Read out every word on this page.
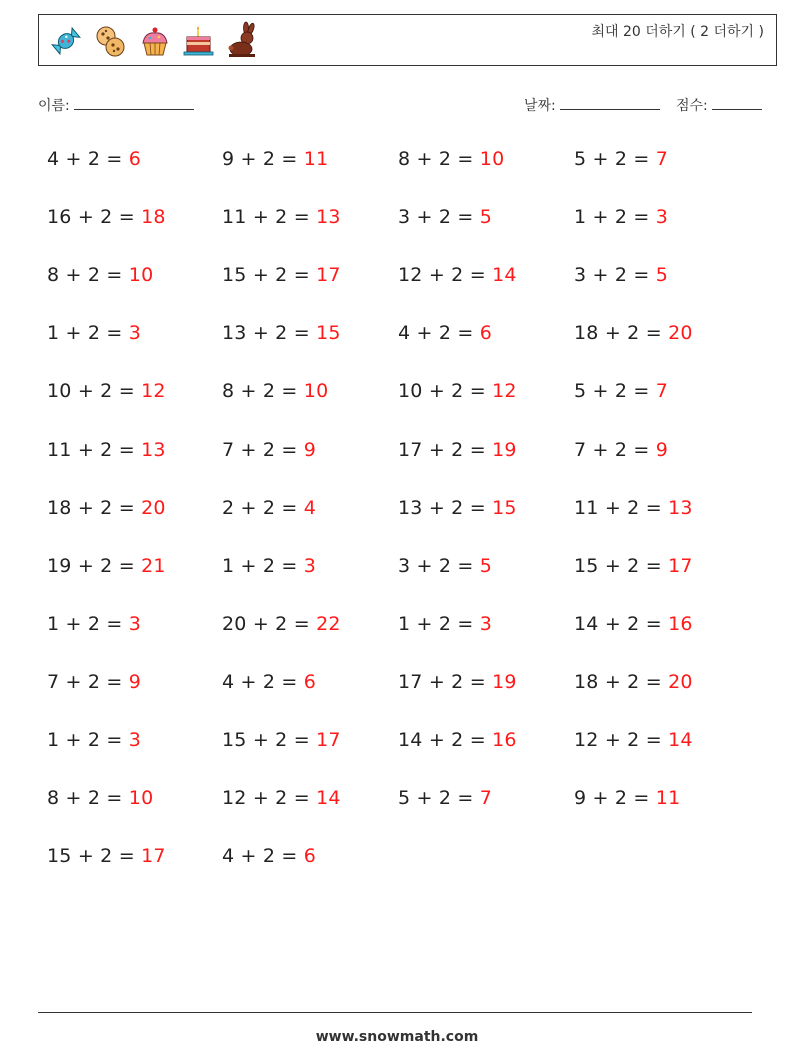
최대 20 더하기 ( 2 더하기 )
이름:	날짜:	점수:
4 + 2 = 6	9 + 2 = 11	8 + 2 = 10	5 + 2 = 7
16 + 2 = 18	11 + 2 = 13	3 + 2 = 5	1 + 2 = 3
8 + 2 = 10	15 + 2 = 17	12 + 2 = 14	3 + 2 = 5
1 + 2 = 3	13 + 2 = 15	4 + 2 = 6	18 + 2 = 20
10 + 2 = 12	8 + 2 = 10	10 + 2 = 12	5 + 2 = 7
11 + 2 = 13	7 + 2 = 9	17 + 2 = 19	7 + 2 = 9
18 + 2 = 20	2 + 2 = 4	13 + 2 = 15	11 + 2 = 13
19 + 2 = 21	1 + 2 = 3	3 + 2 = 5	15 + 2 = 17
1 + 2 = 3	20 + 2 = 22	1 + 2 = 3	14 + 2 = 16
7 + 2 = 9	4 + 2 = 6	17 + 2 = 19	18 + 2 = 20
1 + 2 = 3	15 + 2 = 17	14 + 2 = 16	12 + 2 = 14
8 + 2 = 10	12 + 2 = 14	5 + 2 = 7	9 + 2 = 11
15 + 2 = 17	4 + 2 = 6
www.snowmath.com
